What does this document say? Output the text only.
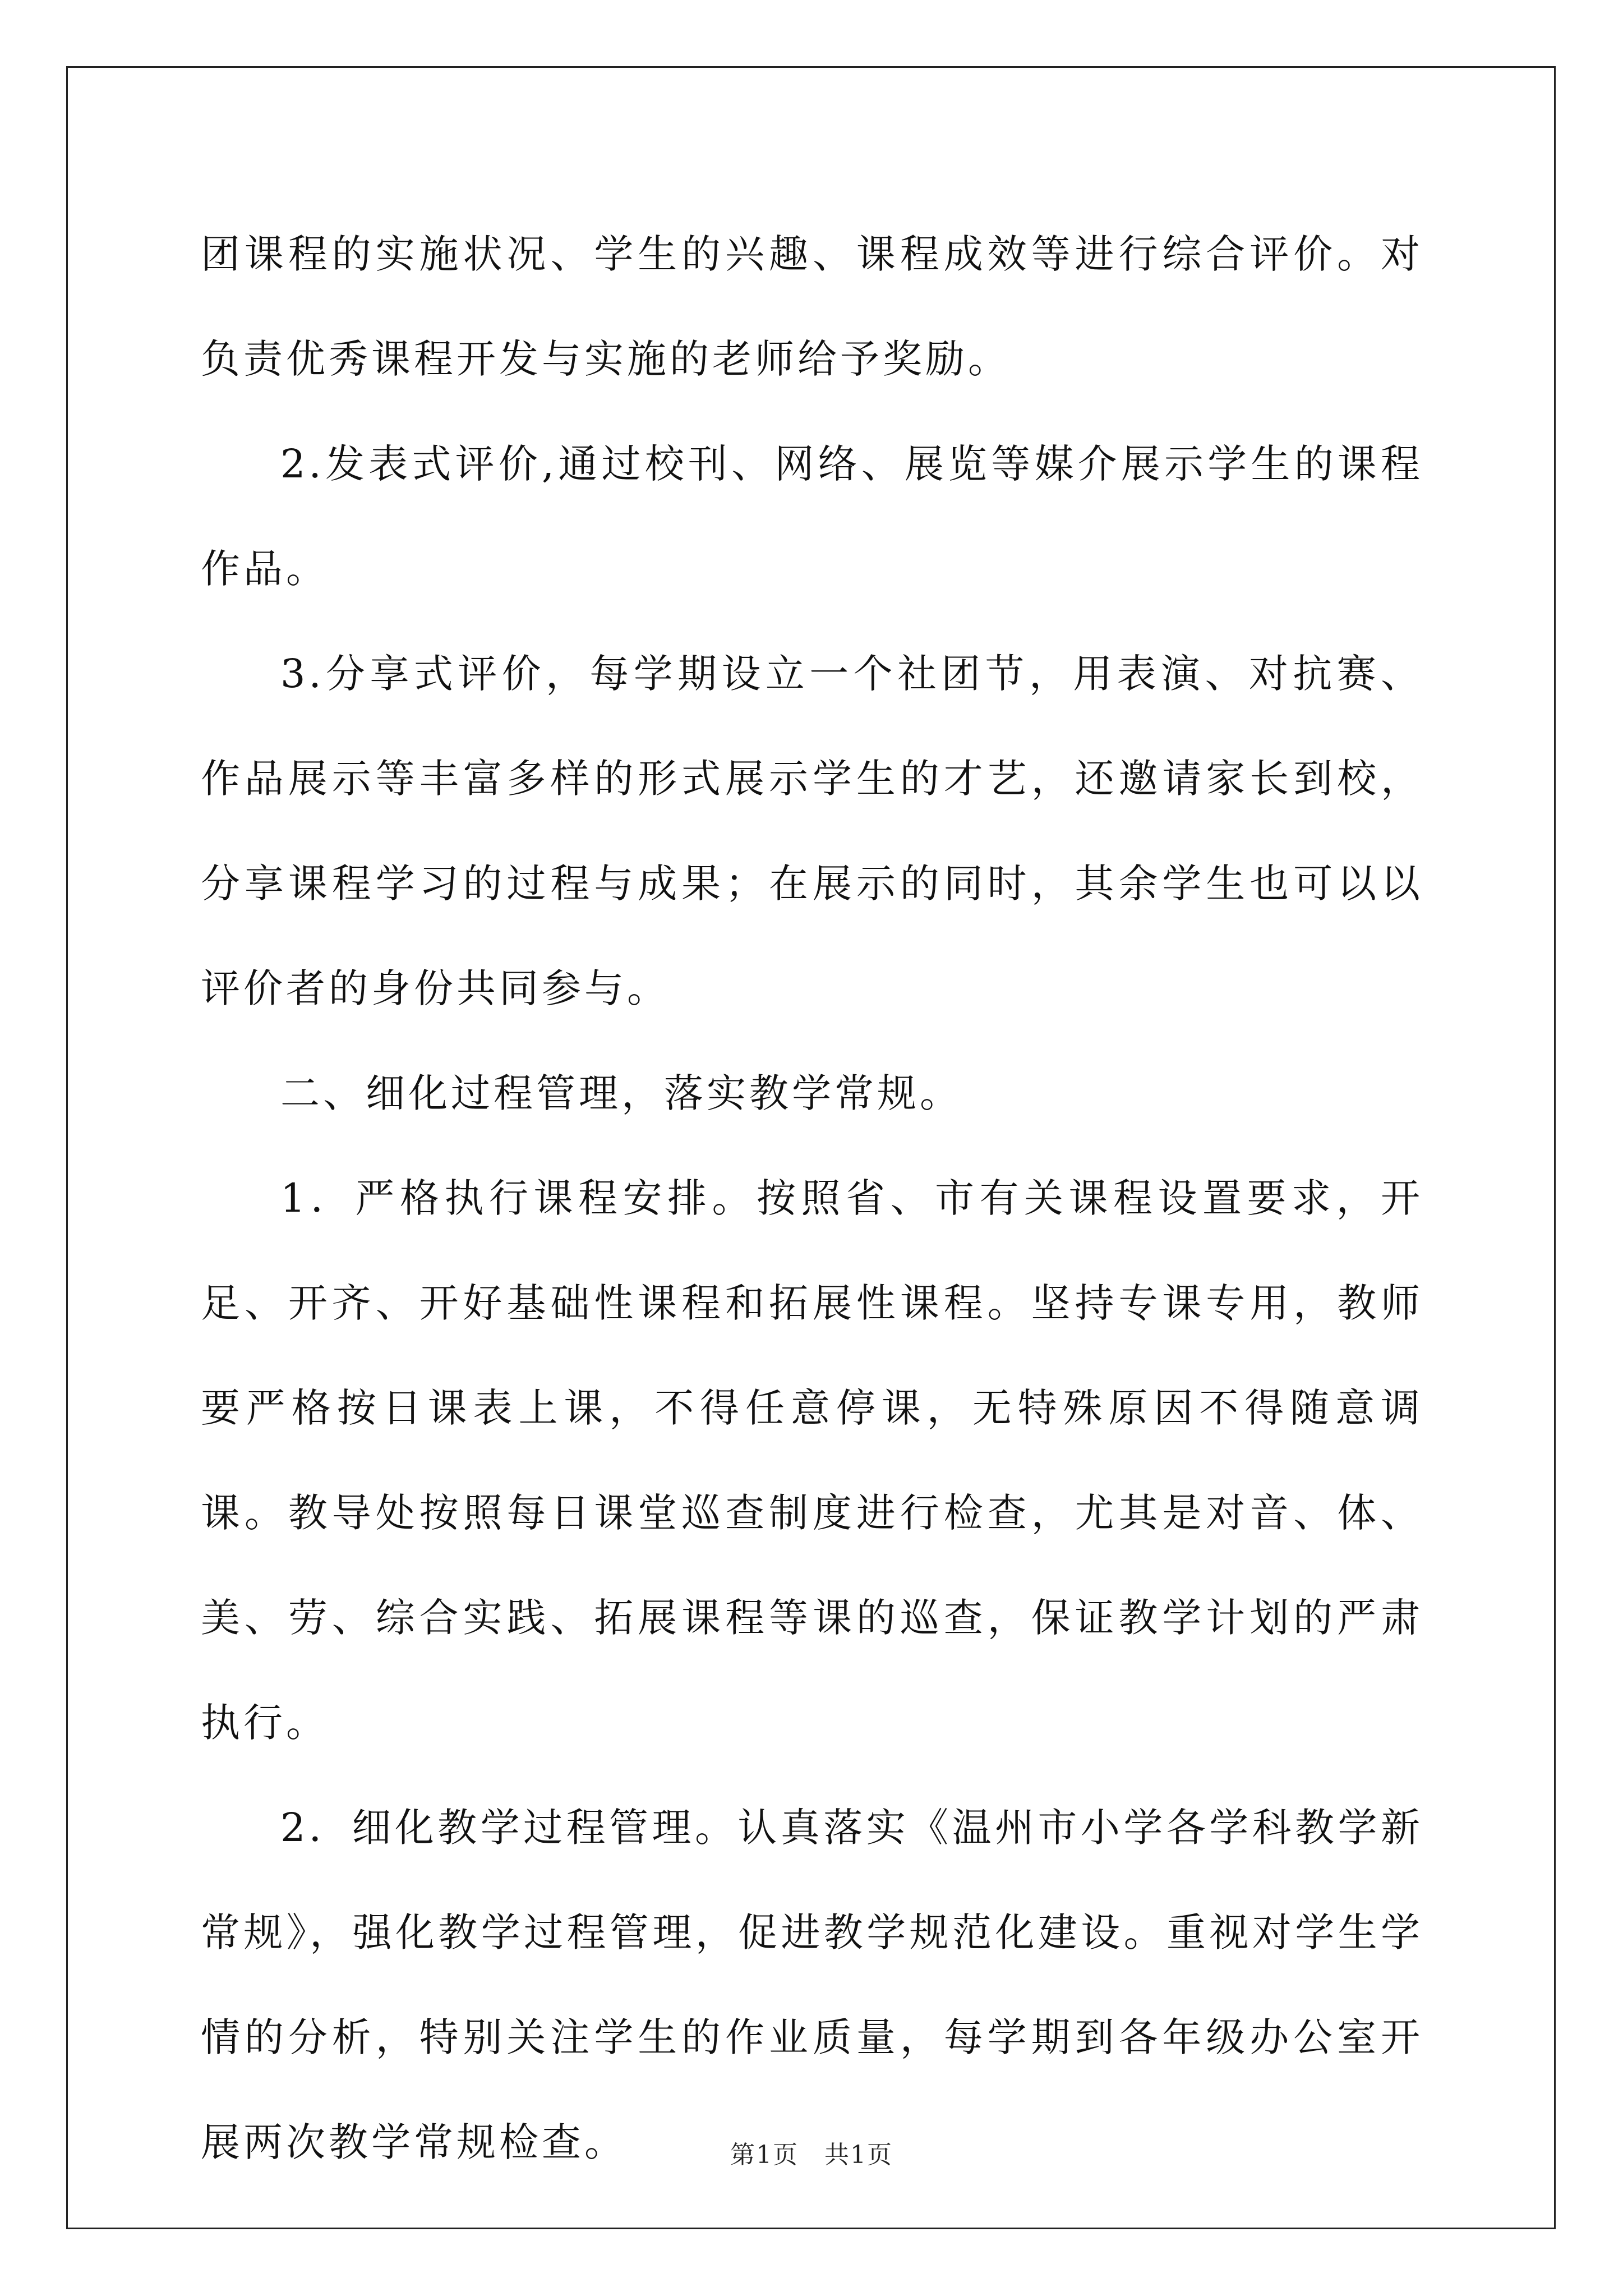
团课程的实施状况、学生的兴趣、课程成效等进行综合评价。对负责优秀课程开发与实施的老师给予奖励。

2.发表式评价,通过校刊、网络、展览等媒介展示学生的课程作品。

3.分享式评价，每学期设立一个社团节，用表演、对抗赛、作品展示等丰富多样的形式展示学生的才艺，还邀请家长到校，分享课程学习的过程与成果；在展示的同时，其余学生也可以以评价者的身份共同参与。

二、细化过程管理，落实教学常规。

1．严格执行课程安排。按照省、市有关课程设置要求，开足、开齐、开好基础性课程和拓展性课程。坚持专课专用，教师要严格按日课表上课，不得任意停课，无特殊原因不得随意调课。教导处按照每日课堂巡查制度进行检查，尤其是对音、体、美、劳、综合实践、拓展课程等课的巡查，保证教学计划的严肃执行。

2．细化教学过程管理。认真落实《温州市小学各学科教学新常规》，强化教学过程管理，促进教学规范化建设。重视对学生学情的分析，特别关注学生的作业质量，每学期到各年级办公室开展两次教学常规检查。	第1页　共1页
